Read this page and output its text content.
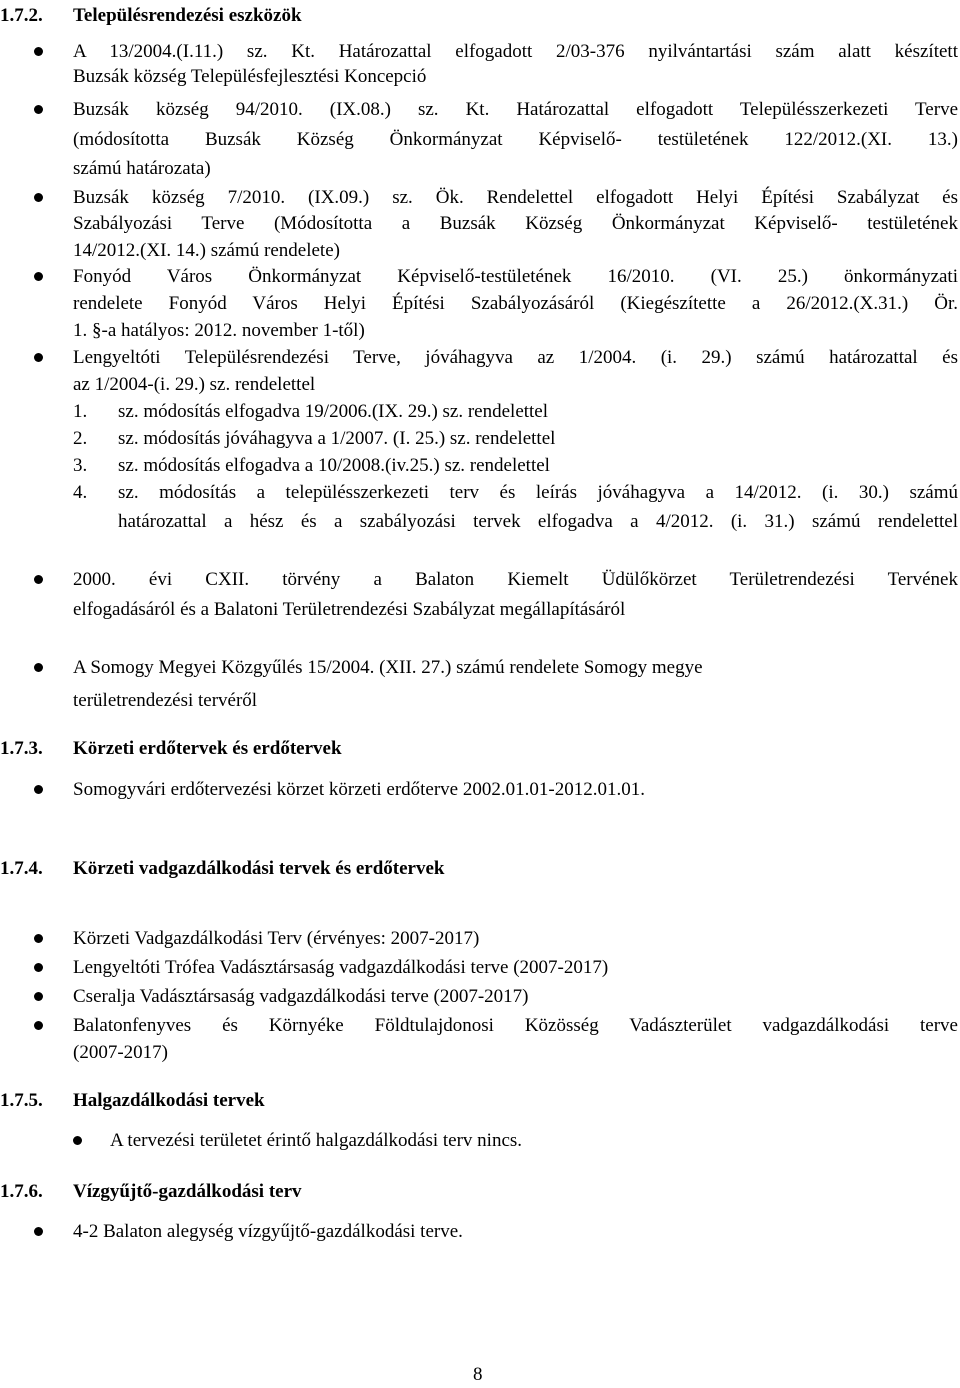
1.7.2. Településrendezési eszközök
A 13/2004.(I.11.) sz. Kt. Határozattal elfogadott 2/03-376 nyilvántartási szám alatt készített
Buzsák község Településfejlesztési Koncepció
Buzsák község 94/2010. (IX.08.) sz. Kt. Határozattal elfogadott Településszerkezeti Terve
(módosította Buzsák Község Önkormányzat Képviselő- testületének 122/2012.(XI. 13.)
számú határozata)
Buzsák község 7/2010. (IX.09.) sz. Ök. Rendelettel elfogadott Helyi Építési Szabályzat és
Szabályozási Terve (Módosította a Buzsák Község Önkormányzat Képviselő- testületének
14/2012.(XI. 14.) számú rendelete)
Fonyód Város Önkormányzat Képviselő-testületének 16/2010. (VI. 25.) önkormányzati
rendelete Fonyód Város Helyi Építési Szabályozásáról (Kiegészítette a 26/2012.(X.31.) Ör.
1. §-a hatályos: 2012. november 1-től)
Lengyeltóti Településrendezési Terve, jóváhagyva az 1/2004. (i. 29.) számú határozattal és
az 1/2004-(i. 29.) sz. rendelettel
1. sz. módosítás elfogadva 19/2006.(IX. 29.) sz. rendelettel
2. sz. módosítás jóváhagyva a 1/2007. (I. 25.) sz. rendelettel
3. sz. módosítás elfogadva a 10/2008.(iv.25.) sz. rendelettel
4. sz. módosítás a településszerkezeti terv és leírás jóváhagyva a 14/2012. (i. 30.) számú
határozattal a hész és a szabályozási tervek elfogadva a 4/2012. (i. 31.) számú rendelettel
2000. évi CXII. törvény a Balaton Kiemelt Üdülőkörzet Területrendezési Tervének
elfogadásáról és a Balatoni Területrendezési Szabályzat megállapításáról
A Somogy Megyei Közgyűlés 15/2004. (XII. 27.) számú rendelete Somogy megye
területrendezési tervéről
1.7.3. Körzeti erdőtervek és erdőtervek
Somogyvári erdőtervezési körzet körzeti erdőterve 2002.01.01-2012.01.01.
1.7.4. Körzeti vadgazdálkodási tervek és erdőtervek
Körzeti Vadgazdálkodási Terv (érvényes: 2007-2017)
Lengyeltóti Trófea Vadásztársaság vadgazdálkodási terve (2007-2017)
Cseralja Vadásztársaság vadgazdálkodási terve (2007-2017)
Balatonfenyves és Környéke Földtulajdonosi Közösség Vadászterület vadgazdálkodási terve
(2007-2017)
1.7.5. Halgazdálkodási tervek
A tervezési területet érintő halgazdálkodási terv nincs.
1.7.6. Vízgyűjtő-gazdálkodási terv
4-2 Balaton alegység vízgyűjtő-gazdálkodási terve.
8
